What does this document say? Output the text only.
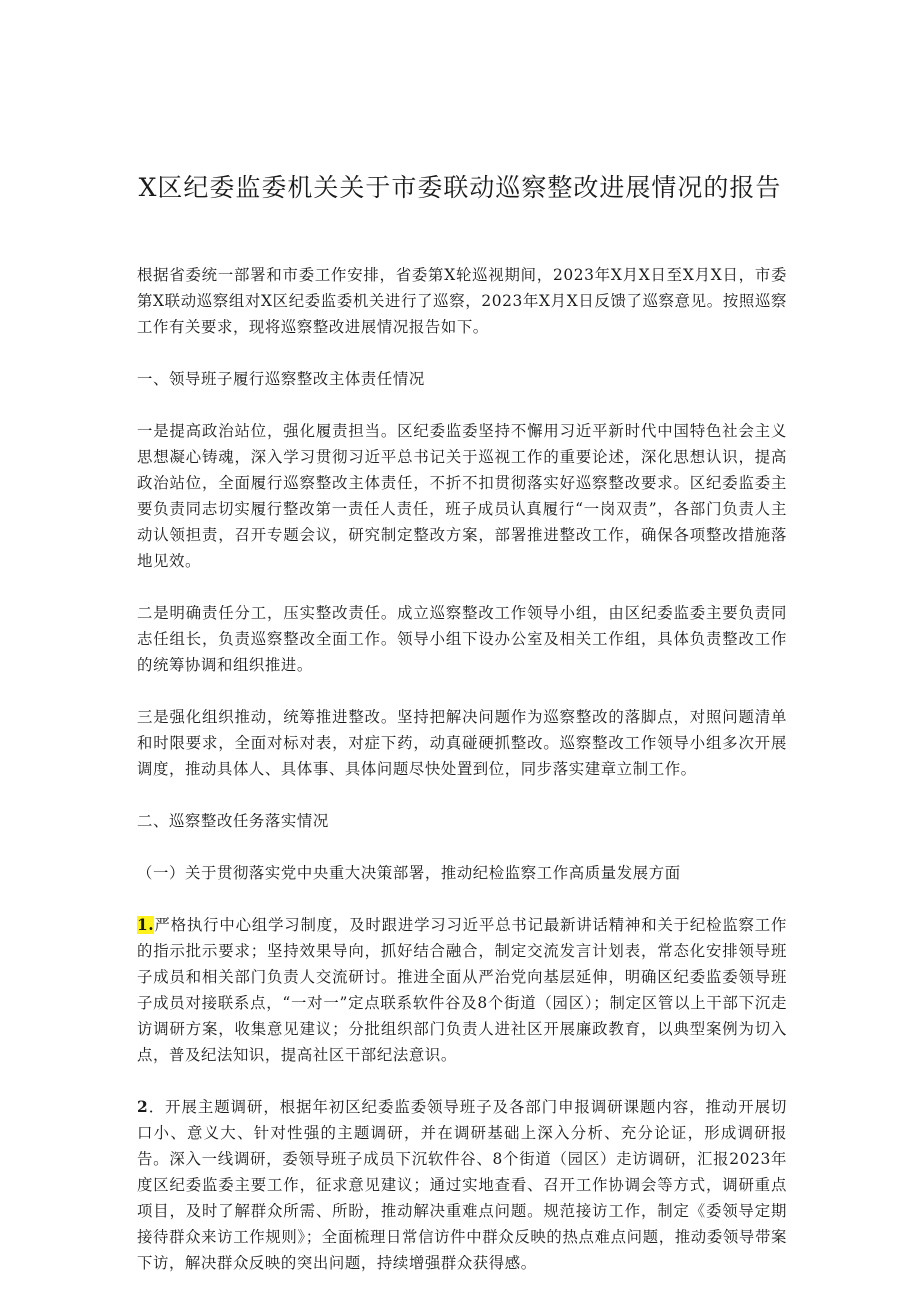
X区纪委监委机关关于市委联动巡察整改进展情况的报告

根据省委统一部署和市委工作安排，省委第X轮巡视期间，2023年X月X日至X月X日，市委第X联动巡察组对X区纪委监委机关进行了巡察，2023年X月X日反馈了巡察意见。按照巡察工作有关要求，现将巡察整改进展情况报告如下。

一、领导班子履行巡察整改主体责任情况

一是提高政治站位，强化履责担当。区纪委监委坚持不懈用习近平新时代中国特色社会主义思想凝心铸魂，深入学习贯彻习近平总书记关于巡视工作的重要论述，深化思想认识，提高政治站位，全面履行巡察整改主体责任，不折不扣贯彻落实好巡察整改要求。区纪委监委主要负责同志切实履行整改第一责任人责任，班子成员认真履行“一岗双责”，各部门负责人主动认领担责，召开专题会议，研究制定整改方案，部署推进整改工作，确保各项整改措施落地见效。

二是明确责任分工，压实整改责任。成立巡察整改工作领导小组，由区纪委监委主要负责同志任组长，负责巡察整改全面工作。领导小组下设办公室及相关工作组，具体负责整改工作的统筹协调和组织推进。

三是强化组织推动，统筹推进整改。坚持把解决问题作为巡察整改的落脚点，对照问题清单和时限要求，全面对标对表，对症下药，动真碰硬抓整改。巡察整改工作领导小组多次开展调度，推动具体人、具体事、具体问题尽快处置到位，同步落实建章立制工作。

二、巡察整改任务落实情况

（一）关于贯彻落实党中央重大决策部署，推动纪检监察工作高质量发展方面

1.严格执行中心组学习制度，及时跟进学习习近平总书记最新讲话精神和关于纪检监察工作的指示批示要求；坚持效果导向，抓好结合融合，制定交流发言计划表，常态化安排领导班子成员和相关部门负责人交流研讨。推进全面从严治党向基层延伸，明确区纪委监委领导班子成员对接联系点，“一对一”定点联系软件谷及8个街道（园区）；制定区管以上干部下沉走访调研方案，收集意见建议；分批组织部门负责人进社区开展廉政教育，以典型案例为切入点，普及纪法知识，提高社区干部纪法意识。

2．开展主题调研，根据年初区纪委监委领导班子及各部门申报调研课题内容，推动开展切口小、意义大、针对性强的主题调研，并在调研基础上深入分析、充分论证，形成调研报告。深入一线调研，委领导班子成员下沉软件谷、8个街道（园区）走访调研，汇报2023年度区纪委监委主要工作，征求意见建议；通过实地查看、召开工作协调会等方式，调研重点项目，及时了解群众所需、所盼，推动解决重难点问题。规范接访工作，制定《委领导定期接待群众来访工作规则》；全面梳理日常信访件中群众反映的热点难点问题，推动委领导带案下访，解决群众反映的突出问题，持续增强群众获得感。
